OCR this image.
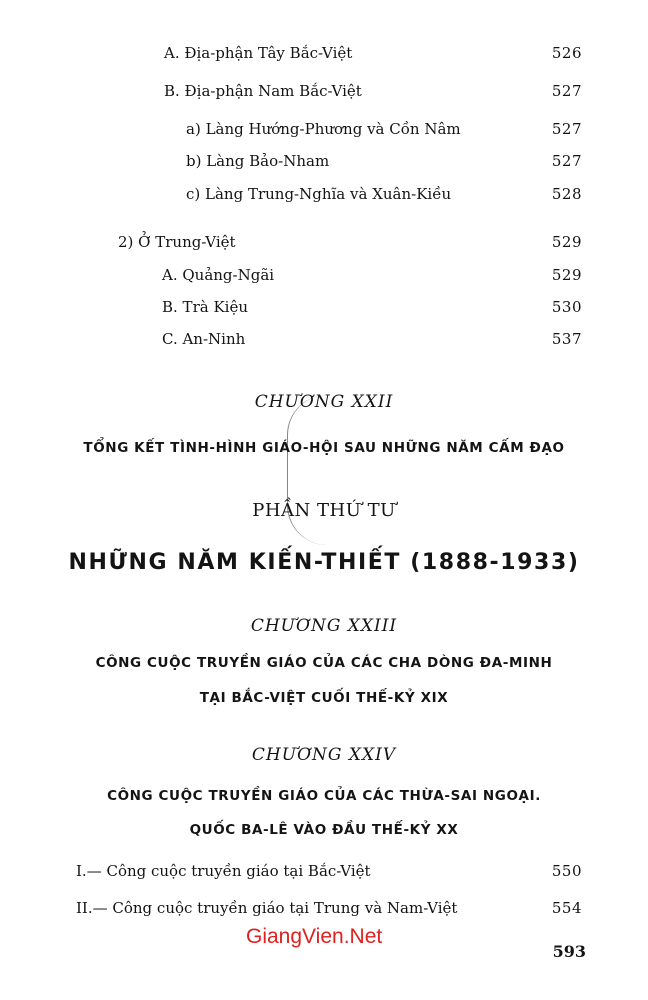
A. Địa-phận Tây Bắc-Việt	526
B. Địa-phận Nam Bắc-Việt	527
a) Làng Hướng-Phương và Cồn Nâm	527
b) Làng Bảo-Nham	527
c) Làng Trung-Nghĩa và Xuân-Kiều	528
2) Ở Trung-Việt	529
A. Quảng-Ngãi	529
B. Trà Kiệu	530
C. An-Ninh	537
CHƯƠNG XXII
TỔNG KẾT TÌNH-HÌNH GIÁO-HỘI SAU NHỮNG NĂM CẤM ĐẠO
PHẦN THỨ TƯ
NHỮNG NĂM KIẾN-THIẾT (1888-1933)
CHƯƠNG XXIII
CÔNG CUỘC TRUYỀN GIÁO CỦA CÁC CHA DÒNG ĐA-MINH
TẠI BẮC-VIỆT CUỐI THẾ-KỶ XIX
CHƯƠNG XXIV
CÔNG CUỘC TRUYỀN GIÁO CỦA CÁC THỪA-SAI NGOẠI.
QUỐC BA-LÊ VÀO ĐẦU THẾ-KỶ XX
I.— Công cuộc truyền giáo tại Bắc-Việt	550
II.— Công cuộc truyền giáo tại Trung và Nam-Việt	554
GiangVien.Net
593
